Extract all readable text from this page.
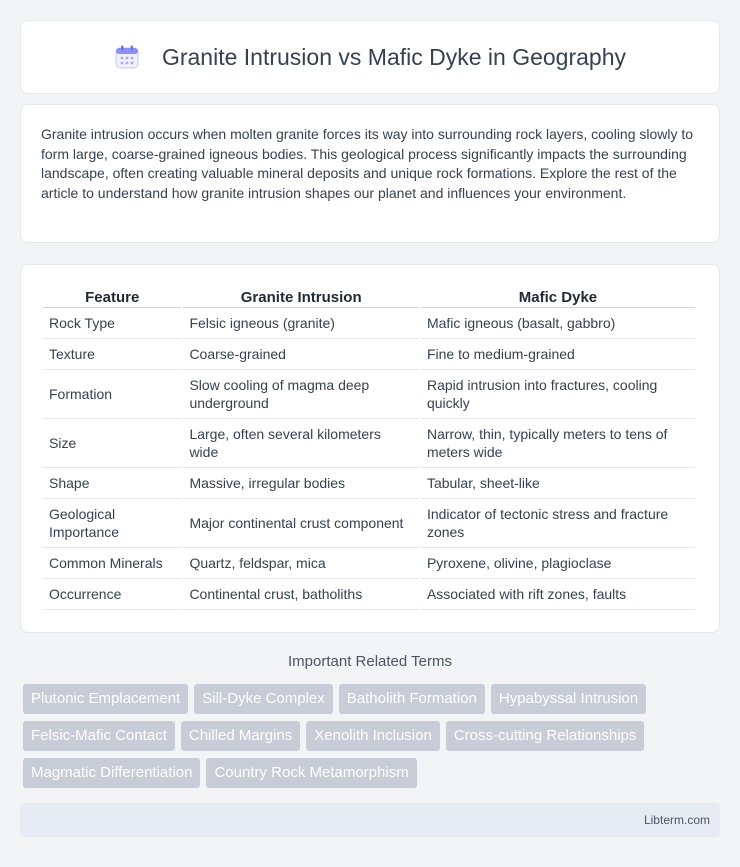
Granite Intrusion vs Mafic Dyke in Geography

Granite intrusion occurs when molten granite forces its way into surrounding rock layers, cooling slowly to form large, coarse-grained igneous bodies. This geological process significantly impacts the surrounding landscape, often creating valuable mineral deposits and unique rock formations. Explore the rest of the article to understand how granite intrusion shapes our planet and influences your environment.

Feature	Granite Intrusion	Mafic Dyke
Rock Type	Felsic igneous (granite)	Mafic igneous (basalt, gabbro)
Texture	Coarse-grained	Fine to medium-grained
Formation	Slow cooling of magma deep underground	Rapid intrusion into fractures, cooling quickly
Size	Large, often several kilometers wide	Narrow, thin, typically meters to tens of meters wide
Shape	Massive, irregular bodies	Tabular, sheet-like
Geological Importance	Major continental crust component	Indicator of tectonic stress and fracture zones
Common Minerals	Quartz, feldspar, mica	Pyroxene, olivine, plagioclase
Occurrence	Continental crust, batholiths	Associated with rift zones, faults
Important Related Terms
Plutonic Emplacement	Sill-Dyke Complex	Batholith Formation	Hypabyssal Intrusion
Felsic-Mafic Contact	Chilled Margins	Xenolith Inclusion	Cross-cutting Relationships
Magmatic Differentiation	Country Rock Metamorphism
Libterm.com
